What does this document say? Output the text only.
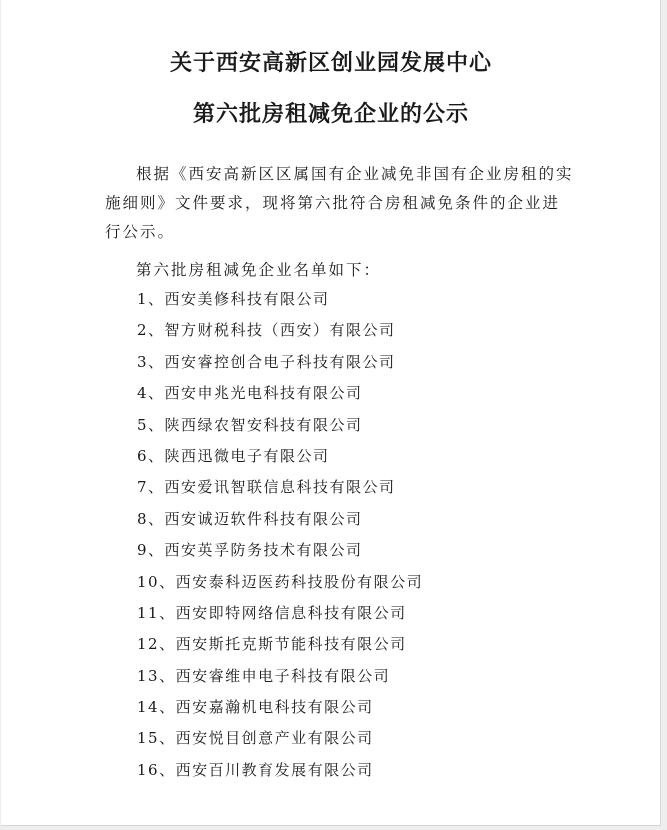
关于西安高新区创业园发展中心
第六批房租减免企业的公示

根据《西安高新区区属国有企业减免非国有企业房租的实施细则》文件要求，现将第六批符合房租减免条件的企业进行公示。

第六批房租减免企业名单如下：

1、西安美修科技有限公司
2、智方财税科技（西安）有限公司
3、西安睿控创合电子科技有限公司
4、西安申兆光电科技有限公司
5、陕西绿农智安科技有限公司
6、陕西迅微电子有限公司
7、西安爱讯智联信息科技有限公司
8、西安诚迈软件科技有限公司
9、西安英孚防务技术有限公司
10、西安泰科迈医药科技股份有限公司
11、西安即特网络信息科技有限公司
12、西安斯托克斯节能科技有限公司
13、西安睿维申电子科技有限公司
14、西安嘉瀚机电科技有限公司
15、西安悦目创意产业有限公司
16、西安百川教育发展有限公司
